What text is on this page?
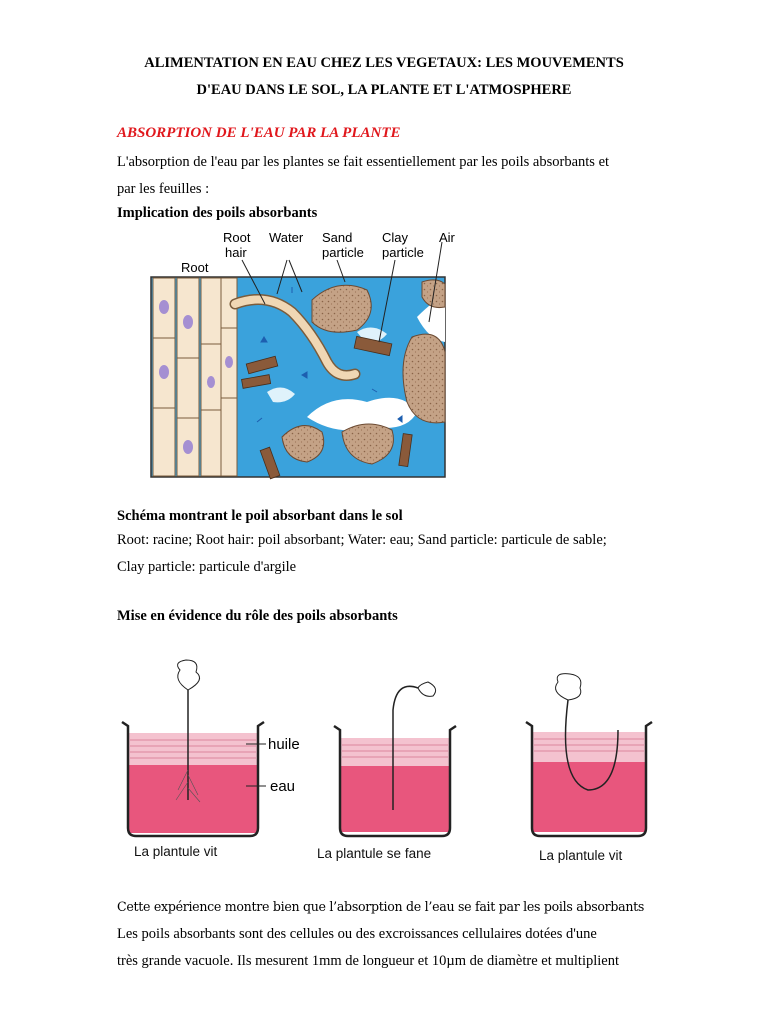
ALIMENTATION EN EAU CHEZ LES VEGETAUX: LES MOUVEMENTS
D'EAU DANS LE SOL, LA PLANTE ET L'ATMOSPHERE
ABSORPTION DE L'EAU PAR LA PLANTE
L'absorption de l'eau par les plantes se fait essentiellement par les poils absorbants et
par les feuilles :
Implication des poils absorbants
Root
hair
Water Sand
particle
Clay
particle
Air
Root
Schéma montrant le poil absorbant dans le sol
Root: racine; Root hair: poil absorbant; Water: eau; Sand particle: particule de sable;
Clay particle: particule d'argile
Mise en évidence du rôle des poils absorbants
huile
eau
La plantule vit	La plantule se fane	La plantule vit
Cette expérience montre bien que l’absorption de l’eau se fait par les poils absorbants
Les poils absorbants sont des cellules ou des excroissances cellulaires dotées d'une
très grande vacuole. Ils mesurent 1mm de longueur et 10µm de diamètre et multiplient
